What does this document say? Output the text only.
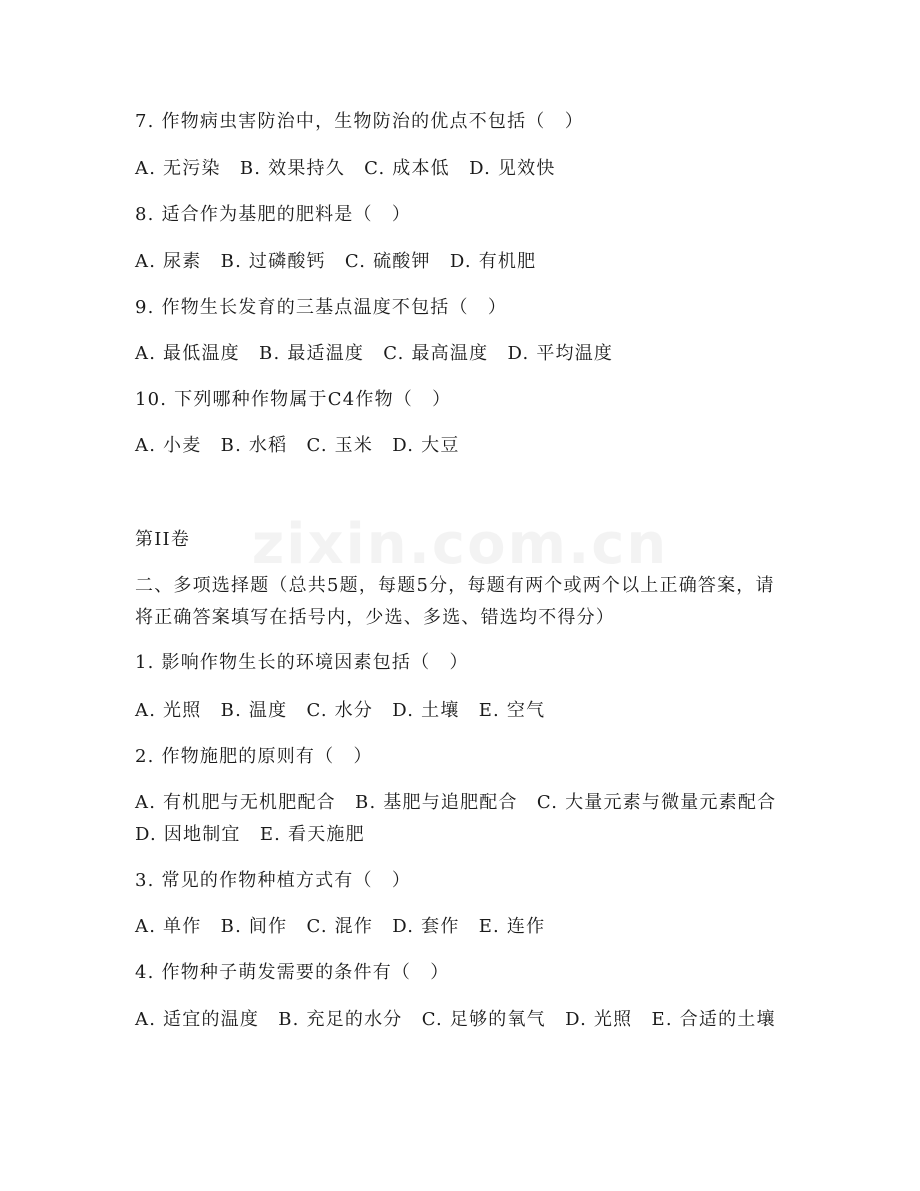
7. 作物病虫害防治中，生物防治的优点不包括（　）
A. 无污染　B. 效果持久　C. 成本低　D. 见效快
8. 适合作为基肥的肥料是（　）
A. 尿素　B. 过磷酸钙　C. 硫酸钾　D. 有机肥
9. 作物生长发育的三基点温度不包括（　）
A. 最低温度　B. 最适温度　C. 最高温度　D. 平均温度
10. 下列哪种作物属于C4作物（　）
A. 小麦　B. 水稻　C. 玉米　D. 大豆
第II卷
二、多项选择题（总共5题，每题5分，每题有两个或两个以上正确答案，请将正确答案填写在括号内，少选、多选、错选均不得分）
1. 影响作物生长的环境因素包括（　）
A. 光照　B. 温度　C. 水分　D. 土壤　E. 空气
2. 作物施肥的原则有（　）
A. 有机肥与无机肥配合　B. 基肥与追肥配合　C. 大量元素与微量元素配合　D. 因地制宜　E. 看天施肥
3. 常见的作物种植方式有（　）
A. 单作　B. 间作　C. 混作　D. 套作　E. 连作
4. 作物种子萌发需要的条件有（　）
A. 适宜的温度　B. 充足的水分　C. 足够的氧气　D. 光照　E. 合适的土壤
